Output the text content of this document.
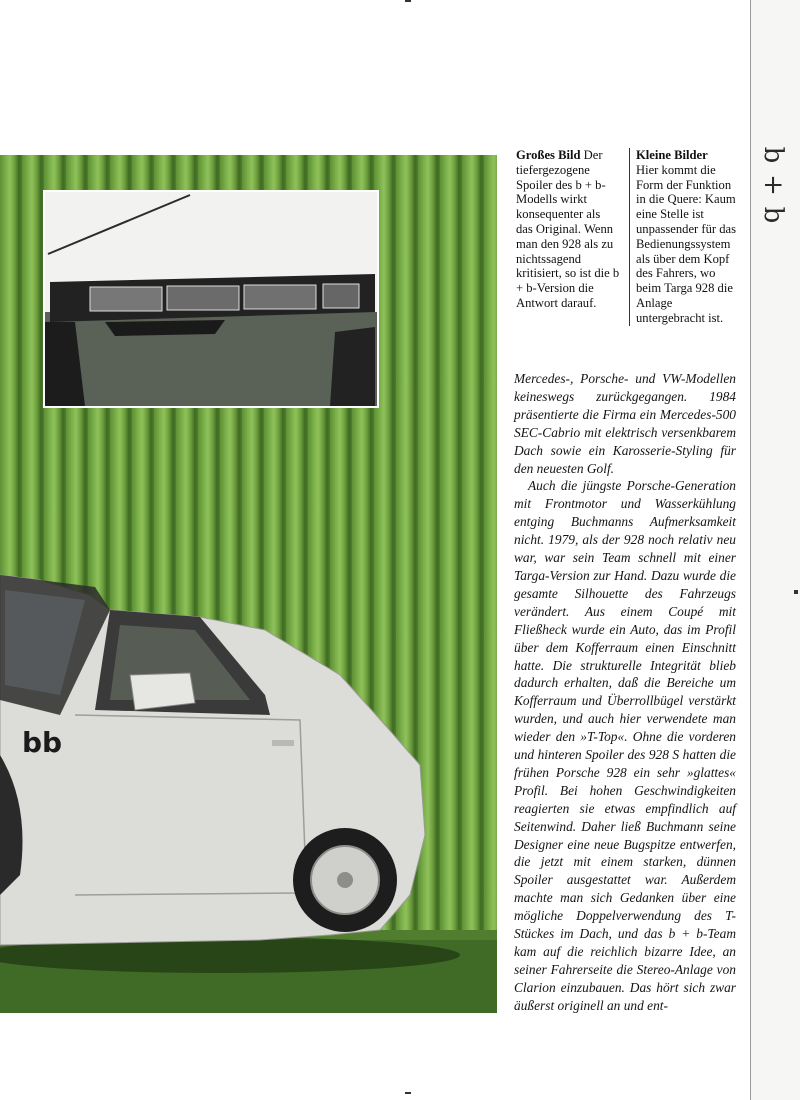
b
+
b
bb
Großes Bild Der tiefergezogene Spoiler des b + b-Modells wirkt konsequenter als das Original. Wenn man den 928 als zu nichtssagend kritisiert, so ist die b + b-Version die Antwort darauf.
Kleine Bilder
Hier kommt die Form der Funktion in die Quere: Kaum eine Stelle ist unpassender für das Bedienungssystem als über dem Kopf des Fahrers, wo beim Targa 928 die Anlage untergebracht ist.

Mercedes-, Porsche- und VW-Modellen keineswegs zurückgegangen. 1984 präsentierte die Firma ein Mercedes-500 SEC-Cabrio mit elektrisch versenkbarem Dach sowie ein Karosserie-Styling für den neuesten Golf.

Auch die jüngste Porsche-Generation mit Frontmotor und Wasserkühlung entging Buchmanns Aufmerksamkeit nicht. 1979, als der 928 noch relativ neu war, war sein Team schnell mit einer Targa-Version zur Hand. Dazu wurde die gesamte Silhouette des Fahrzeugs verändert. Aus einem Coupé mit Fließheck wurde ein Auto, das im Profil über dem Kofferraum einen Einschnitt hatte. Die strukturelle Integrität blieb dadurch erhalten, daß die Bereiche um Kofferraum und Überrollbügel verstärkt wurden, und auch hier verwendete man wieder den »T-Top«. Ohne die vorderen und hinteren Spoiler des 928 S hatten die frühen Porsche 928 ein sehr »glattes« Profil. Bei hohen Geschwindigkeiten reagierten sie etwas empfindlich auf Seitenwind. Daher ließ Buchmann seine Designer eine neue Bugspitze entwerfen, die jetzt mit einem starken, dünnen Spoiler ausgestattet war. Außerdem machte man sich Gedanken über eine mögliche Doppelverwendung des T-Stückes im Dach, und das b + b-Team kam auf die reichlich bizarre Idee, an seiner Fahrerseite die Stereo-Anlage von Clarion einzubauen. Das hört sich zwar äußerst originell an und ent-
